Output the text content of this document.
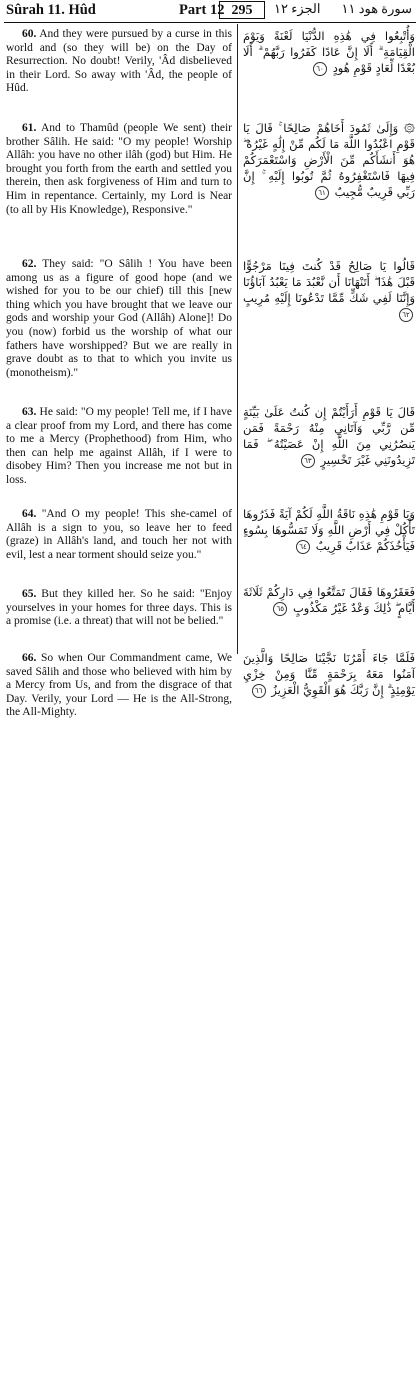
Sûrah 11. Hûd	Part 12 295	الجزء ١٢ سورة هود ١١

60. And they were pursued by a curse in this world and (so they will be) on the Day of Resurrection. No doubt! Verily, 'Âd disbelieved in their Lord. So away with 'Âd, the people of Hûd.

61. And to Thamûd (people We sent) their brother Sâlih. He said: "O my people! Worship Allâh: you have no other ilâh (god) but Him. He brought you forth from the earth and settled you therein, then ask forgiveness of Him and turn to Him in repentance. Certainly, my Lord is Near (to all by His Knowledge), Responsive."

62. They said: "O Sâlih ! You have been among us as a figure of good hope (and we wished for you to be our chief) till this [new thing which you have brought that we leave our gods and worship your God (Allâh) Alone]! Do you (now) forbid us the worship of what our fathers have worshipped? But we are really in grave doubt as to that to which you invite us (monotheism)."

63. He said: "O my people! Tell me, if I have a clear proof from my Lord, and there has come to me a Mercy (Prophethood) from Him, who then can help me against Allâh, if I were to disobey Him? Then you increase me not but in loss.

64. "And O my people! This she-camel of Allâh is a sign to you, so leave her to feed (graze) in Allâh's land, and touch her not with evil, lest a near torment should seize you."

65. But they killed her. So he said: "Enjoy yourselves in your homes for three days. This is a promise (i.e. a threat) that will not be belied."

66. So when Our Commandment came, We saved Sâlih and those who believed with him by a Mercy from Us, and from the disgrace of that Day. Verily, your Lord — He is the All-Strong, the All-Mighty.

وَأُتْبِعُوا فِي هَٰذِهِ الدُّنْيَا لَعْنَةً وَيَوْمَ الْقِيَامَةِ ۗ أَلَا إِنَّ عَادًا كَفَرُوا رَبَّهُمْ ۗ أَلَا بُعْدًا لِّعَادٍ قَوْمِ هُودٍ ٦٠

۞ وَإِلَىٰ ثَمُودَ أَخَاهُمْ صَالِحًا ۚ قَالَ يَا قَوْمِ اعْبُدُوا اللَّهَ مَا لَكُم مِّنْ إِلَٰهٍ غَيْرُهُ ۖ هُوَ أَنشَأَكُم مِّنَ الْأَرْضِ وَاسْتَعْمَرَكُمْ فِيهَا فَاسْتَغْفِرُوهُ ثُمَّ تُوبُوا إِلَيْهِ ۚ إِنَّ رَبِّي قَرِيبٌ مُّجِيبٌ ٦١

قَالُوا يَا صَالِحُ قَدْ كُنتَ فِينَا مَرْجُوًّا قَبْلَ هَٰذَا ۖ أَتَنْهَانَا أَن نَّعْبُدَ مَا يَعْبُدُ آبَاؤُنَا وَإِنَّنَا لَفِي شَكٍّ مِّمَّا تَدْعُونَا إِلَيْهِ مُرِيبٍ ٦٢

قَالَ يَا قَوْمِ أَرَأَيْتُمْ إِن كُنتُ عَلَىٰ بَيِّنَةٍ مِّن رَّبِّي وَآتَانِي مِنْهُ رَحْمَةً فَمَن يَنصُرُنِي مِنَ اللَّهِ إِنْ عَصَيْتُهُ ۖ فَمَا تَزِيدُونَنِي غَيْرَ تَخْسِيرٍ ٦٣

وَيَا قَوْمِ هَٰذِهِ نَاقَةُ اللَّهِ لَكُمْ آيَةً فَذَرُوهَا تَأْكُلْ فِي أَرْضِ اللَّهِ وَلَا تَمَسُّوهَا بِسُوءٍ فَيَأْخُذَكُمْ عَذَابٌ قَرِيبٌ ٦٤

فَعَقَرُوهَا فَقَالَ تَمَتَّعُوا فِي دَارِكُمْ ثَلَاثَةَ أَيَّامٍ ۖ ذَٰلِكَ وَعْدٌ غَيْرُ مَكْذُوبٍ ٦٥

فَلَمَّا جَاءَ أَمْرُنَا نَجَّيْنَا صَالِحًا وَالَّذِينَ آمَنُوا مَعَهُ بِرَحْمَةٍ مِّنَّا وَمِنْ خِزْيِ يَوْمِئِذٍ ۗ إِنَّ رَبَّكَ هُوَ الْقَوِيُّ الْعَزِيزُ ٦٦
